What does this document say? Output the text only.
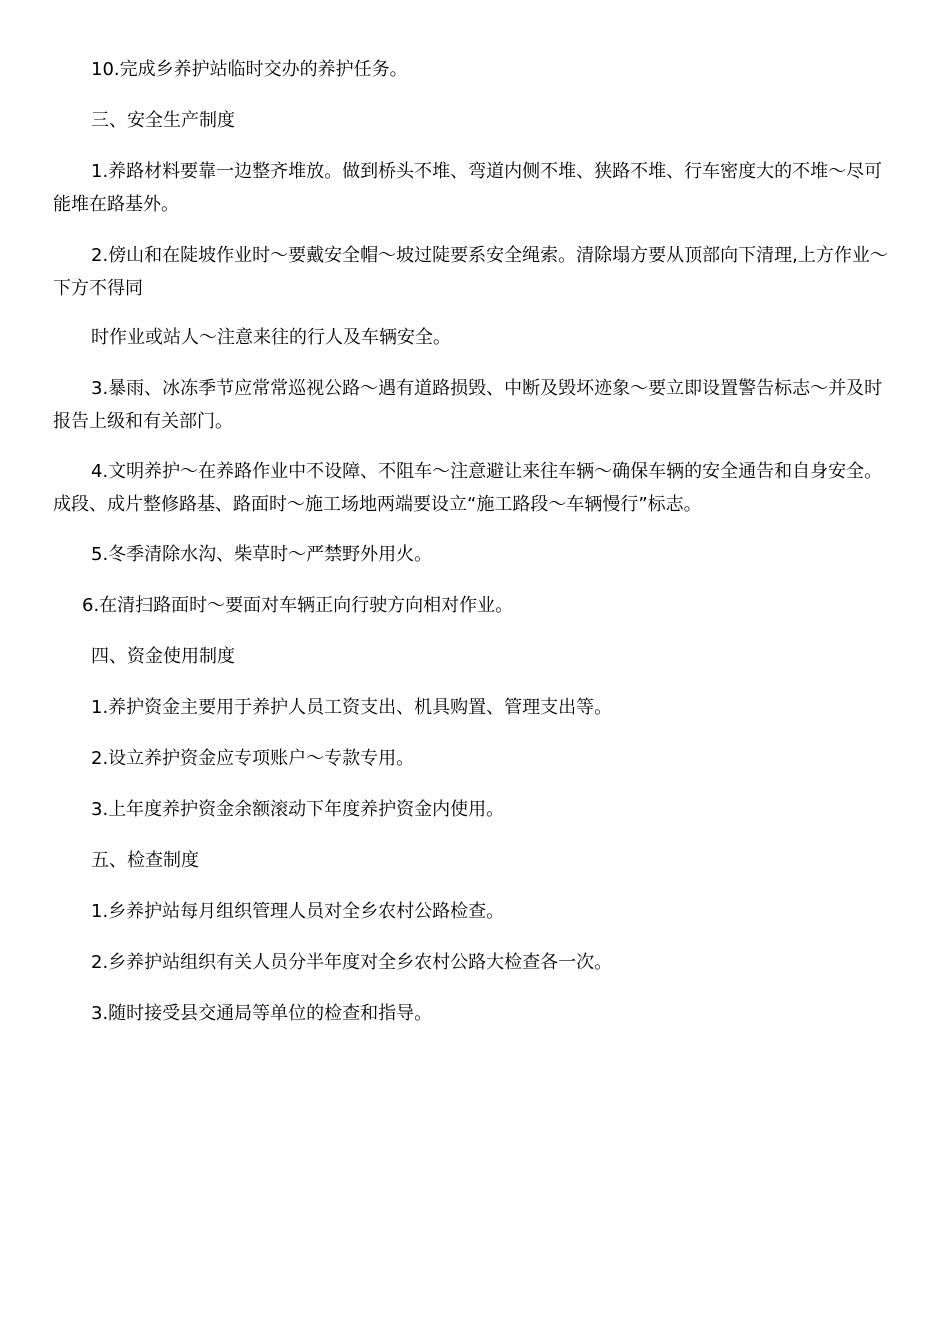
10.完成乡养护站临时交办的养护任务。

三、安全生产制度

1.养路材料要靠一边整齐堆放。做到桥头不堆、弯道内侧不堆、狭路不堆、行车密度大的不堆～尽可能堆在路基外。

2.傍山和在陡坡作业时～要戴安全帽～坡过陡要系安全绳索。清除塌方要从顶部向下清理,上方作业～下方不得同

时作业或站人～注意来往的行人及车辆安全。

3.暴雨、冰冻季节应常常巡视公路～遇有道路损毁、中断及毁坏迹象～要立即设置警告标志～并及时报告上级和有关部门。

4.文明养护～在养路作业中不设障、不阻车～注意避让来往车辆～确保车辆的安全通告和自身安全。成段、成片整修路基、路面时～施工场地两端要设立“施工路段～车辆慢行”标志。

5.冬季清除水沟、柴草时～严禁野外用火。

6.在清扫路面时～要面对车辆正向行驶方向相对作业。

四、资金使用制度

1.养护资金主要用于养护人员工资支出、机具购置、管理支出等。

2.设立养护资金应专项账户～专款专用。

3.上年度养护资金余额滚动下年度养护资金内使用。

五、检查制度

1.乡养护站每月组织管理人员对全乡农村公路检查。

2.乡养护站组织有关人员分半年度对全乡农村公路大检查各一次。

3.随时接受县交通局等单位的检查和指导。
